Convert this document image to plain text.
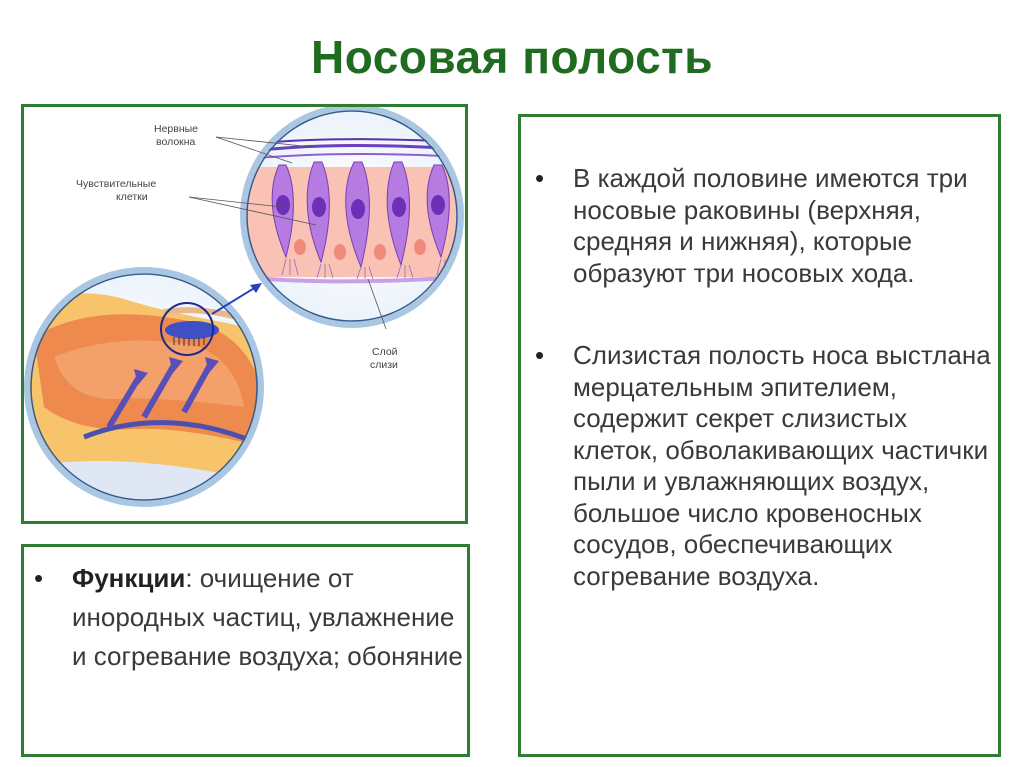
Носовая полость
Нервные
волокна
Чувствительные
клетки
Слой
слизи
• Функции: очищение от инородных частиц, увлажнение и согревание воздуха; обоняние
• В каждой половине имеются три носовые раковины (верхняя, средняя и нижняя), которые образуют три носовых хода.
• Слизистая полость носа выстлана мерцательным эпителием, содержит секрет слизистых клеток, обволакивающих частички пыли и увлажняющих воздух, большое число кровеносных сосудов, обеспечивающих согревание воздуха.
